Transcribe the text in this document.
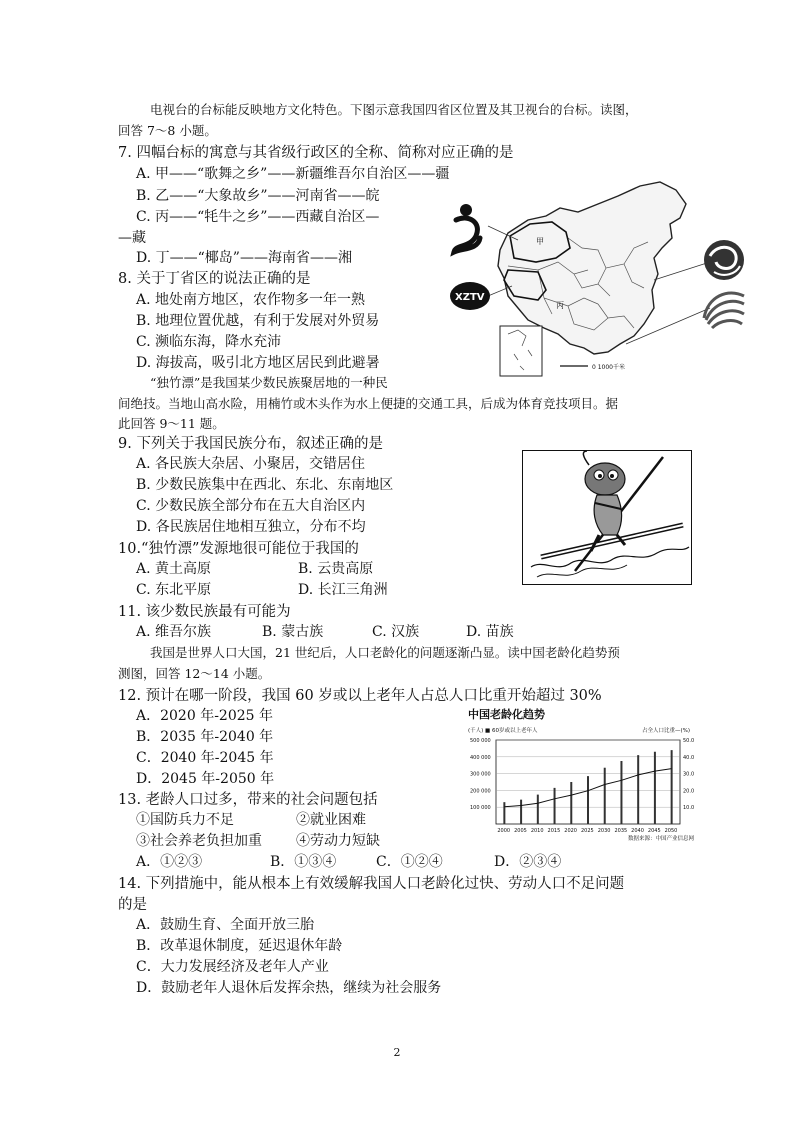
电视台的台标能反映地方文化特色。下图示意我国四省区位置及其卫视台的台标。读图，
回答 7～8 小题。
7. 四幅台标的寓意与其省级行政区的全称、简称对应正确的是
A. 甲——“歌舞之乡”——新疆维吾尔自治区——疆
B. 乙——“大象故乡”——河南省——皖
C. 丙——“牦牛之乡”——西藏自治区—
—藏
D. 丁——“椰岛”——海南省——湘
8. 关于丁省区的说法正确的是
A. 地处南方地区，农作物多一年一熟
B. 地理位置优越，有利于发展对外贸易
C. 濒临东海，降水充沛
D. 海拔高，吸引北方地区居民到此避暑
甲
丙
XZTV
0 1000千米
“独竹漂”是我国某少数民族聚居地的一种民
间绝技。当地山高水险，用楠竹或木头作为水上便捷的交通工具，后成为体育竞技项目。据
此回答 9～11 题。
9. 下列关于我国民族分布，叙述正确的是
A. 各民族大杂居、小聚居，交错居住
B. 少数民族集中在西北、东北、东南地区
C. 少数民族全部分布在五大自治区内
D. 各民族居住地相互独立，分布不均
10.“独竹漂”发源地很可能位于我国的
A. 黄土高原	B. 云贵高原
C. 东北平原	D. 长江三角洲
11. 该少数民族最有可能为
A. 维吾尔族	B. 蒙古族	C. 汉族	D. 苗族
我国是世界人口大国，21 世纪后，人口老龄化的问题逐渐凸显。读中国老龄化趋势预
测图，回答 12～14 小题。
12. 预计在哪一阶段，我国 60 岁或以上老年人占总人口比重开始超过 30%
A．2020 年-2025 年
B．2035 年-2040 年
C．2040 年-2045 年
D．2045 年-2050 年
中国老龄化趋势
(千人) ■ 60岁或以上老年人	占全人口比重—(%)
500 000	50.0
400 000	40.0
300 000	30.0
200 000	20.0
100 000	10.0
2000 2005 2010 2015 2020 2025 2030 2035 2040 2045 2050
数据来源：中国产业信息网
13. 老龄人口过多，带来的社会问题包括
①国防兵力不足	②就业困难
③社会养老负担加重 ④劳动力短缺
A．①②③	B．①③④	C．①②④	D．②③④
14. 下列措施中，能从根本上有效缓解我国人口老龄化过快、劳动人口不足问题
的是
A．鼓励生育、全面开放三胎
B．改革退休制度，延迟退休年龄
C．大力发展经济及老年人产业
D．鼓励老年人退休后发挥余热，继续为社会服务
2
